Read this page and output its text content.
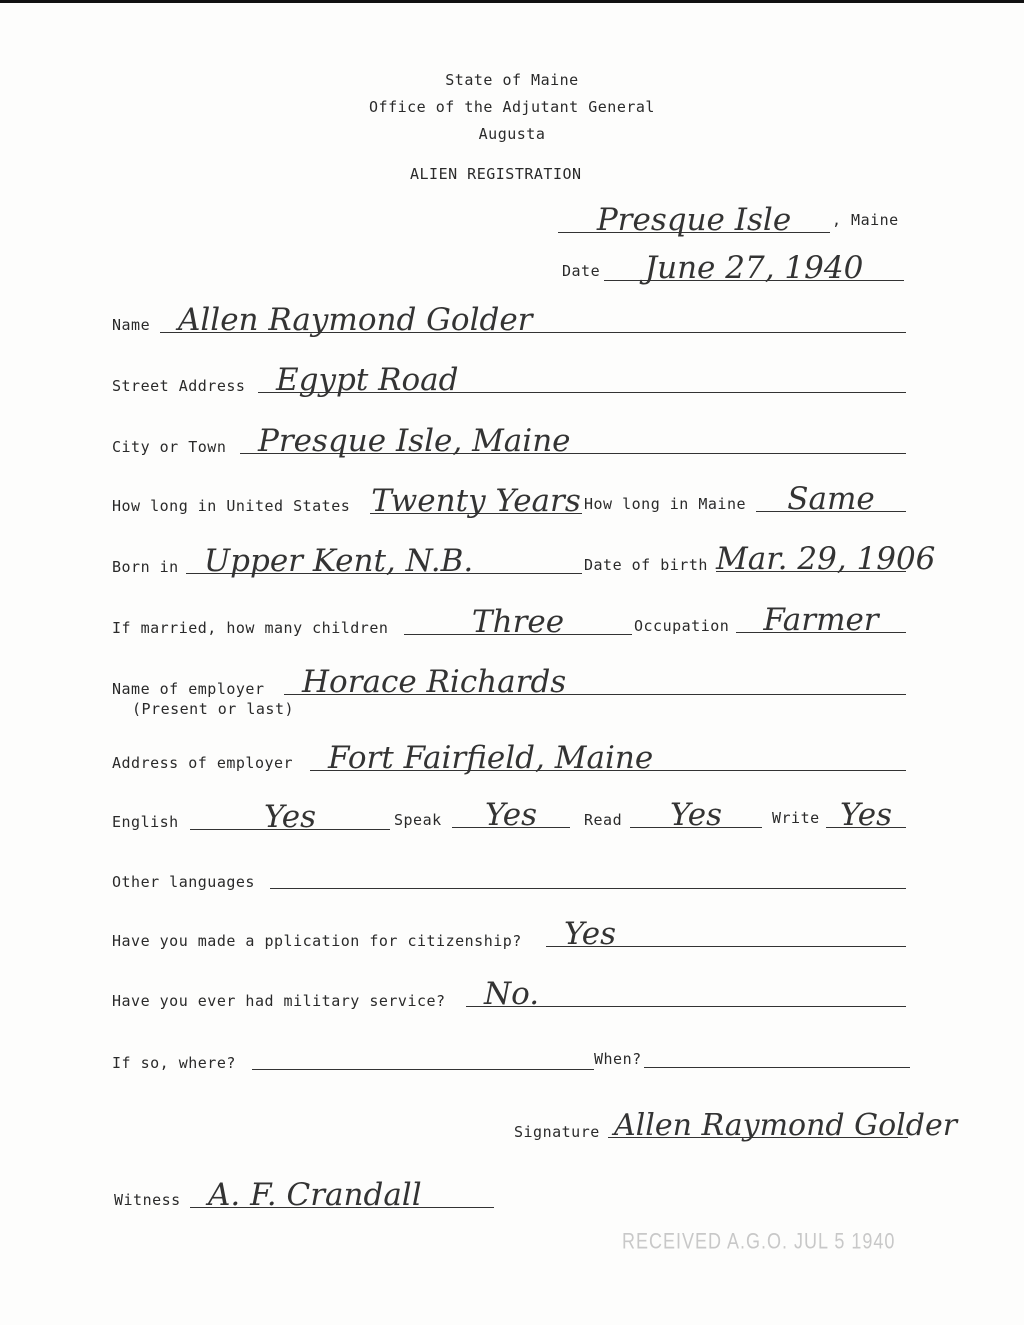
State of Maine
Office of the Adjutant General
Augusta
ALIEN REGISTRATION
Presque Isle	, Maine
Date	June 27, 1940
Name Allen Raymond Golder
Street Address Egypt Road
City or Town	Presque Isle, Maine
How long in United States Twenty Years How long in Maine	Same
Born in Upper Kent, N.B.	Date of birth Mar. 29, 1906
If married, how many children	Three	Occupation	Farmer
Name of employer
(Present or last)
Horace Richards
Address of employer	Fort Fairfield, Maine
English	Yes	Speak	Yes	Read	Yes	Write Yes
Other languages
Have you made a pplication for citizenship?	Yes
Have you ever had military service?	No.
If so, where?	When?
Signature Allen Raymond Golder
Witness A. F. Crandall
RECEIVED A.G.O. JUL 5 1940
